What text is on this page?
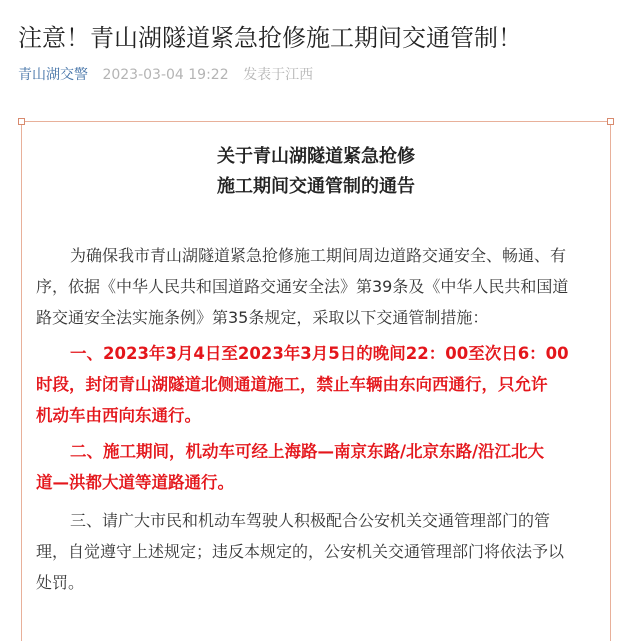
注意！青山湖隧道紧急抢修施工期间交通管制！
青山湖交警 2023-03-04 19:22 发表于江西
关于青山湖隧道紧急抢修
施工期间交通管制的通告
为确保我市青山湖隧道紧急抢修施工期间周边道路交通安全、畅通、有
序，依据《中华人民共和国道路交通安全法》第39条及《中华人民共和国道
路交通安全法实施条例》第35条规定，采取以下交通管制措施：
一、2023年3月4日至2023年3月5日的晚间22：00至次日6：00
时段，封闭青山湖隧道北侧通道施工，禁止车辆由东向西通行，只允许
机动车由西向东通行。
二、施工期间，机动车可经上海路—南京东路/北京东路/沿江北大
道—洪都大道等道路通行。
三、请广大市民和机动车驾驶人积极配合公安机关交通管理部门的管
理，自觉遵守上述规定；违反本规定的，公安机关交通管理部门将依法予以
处罚。
